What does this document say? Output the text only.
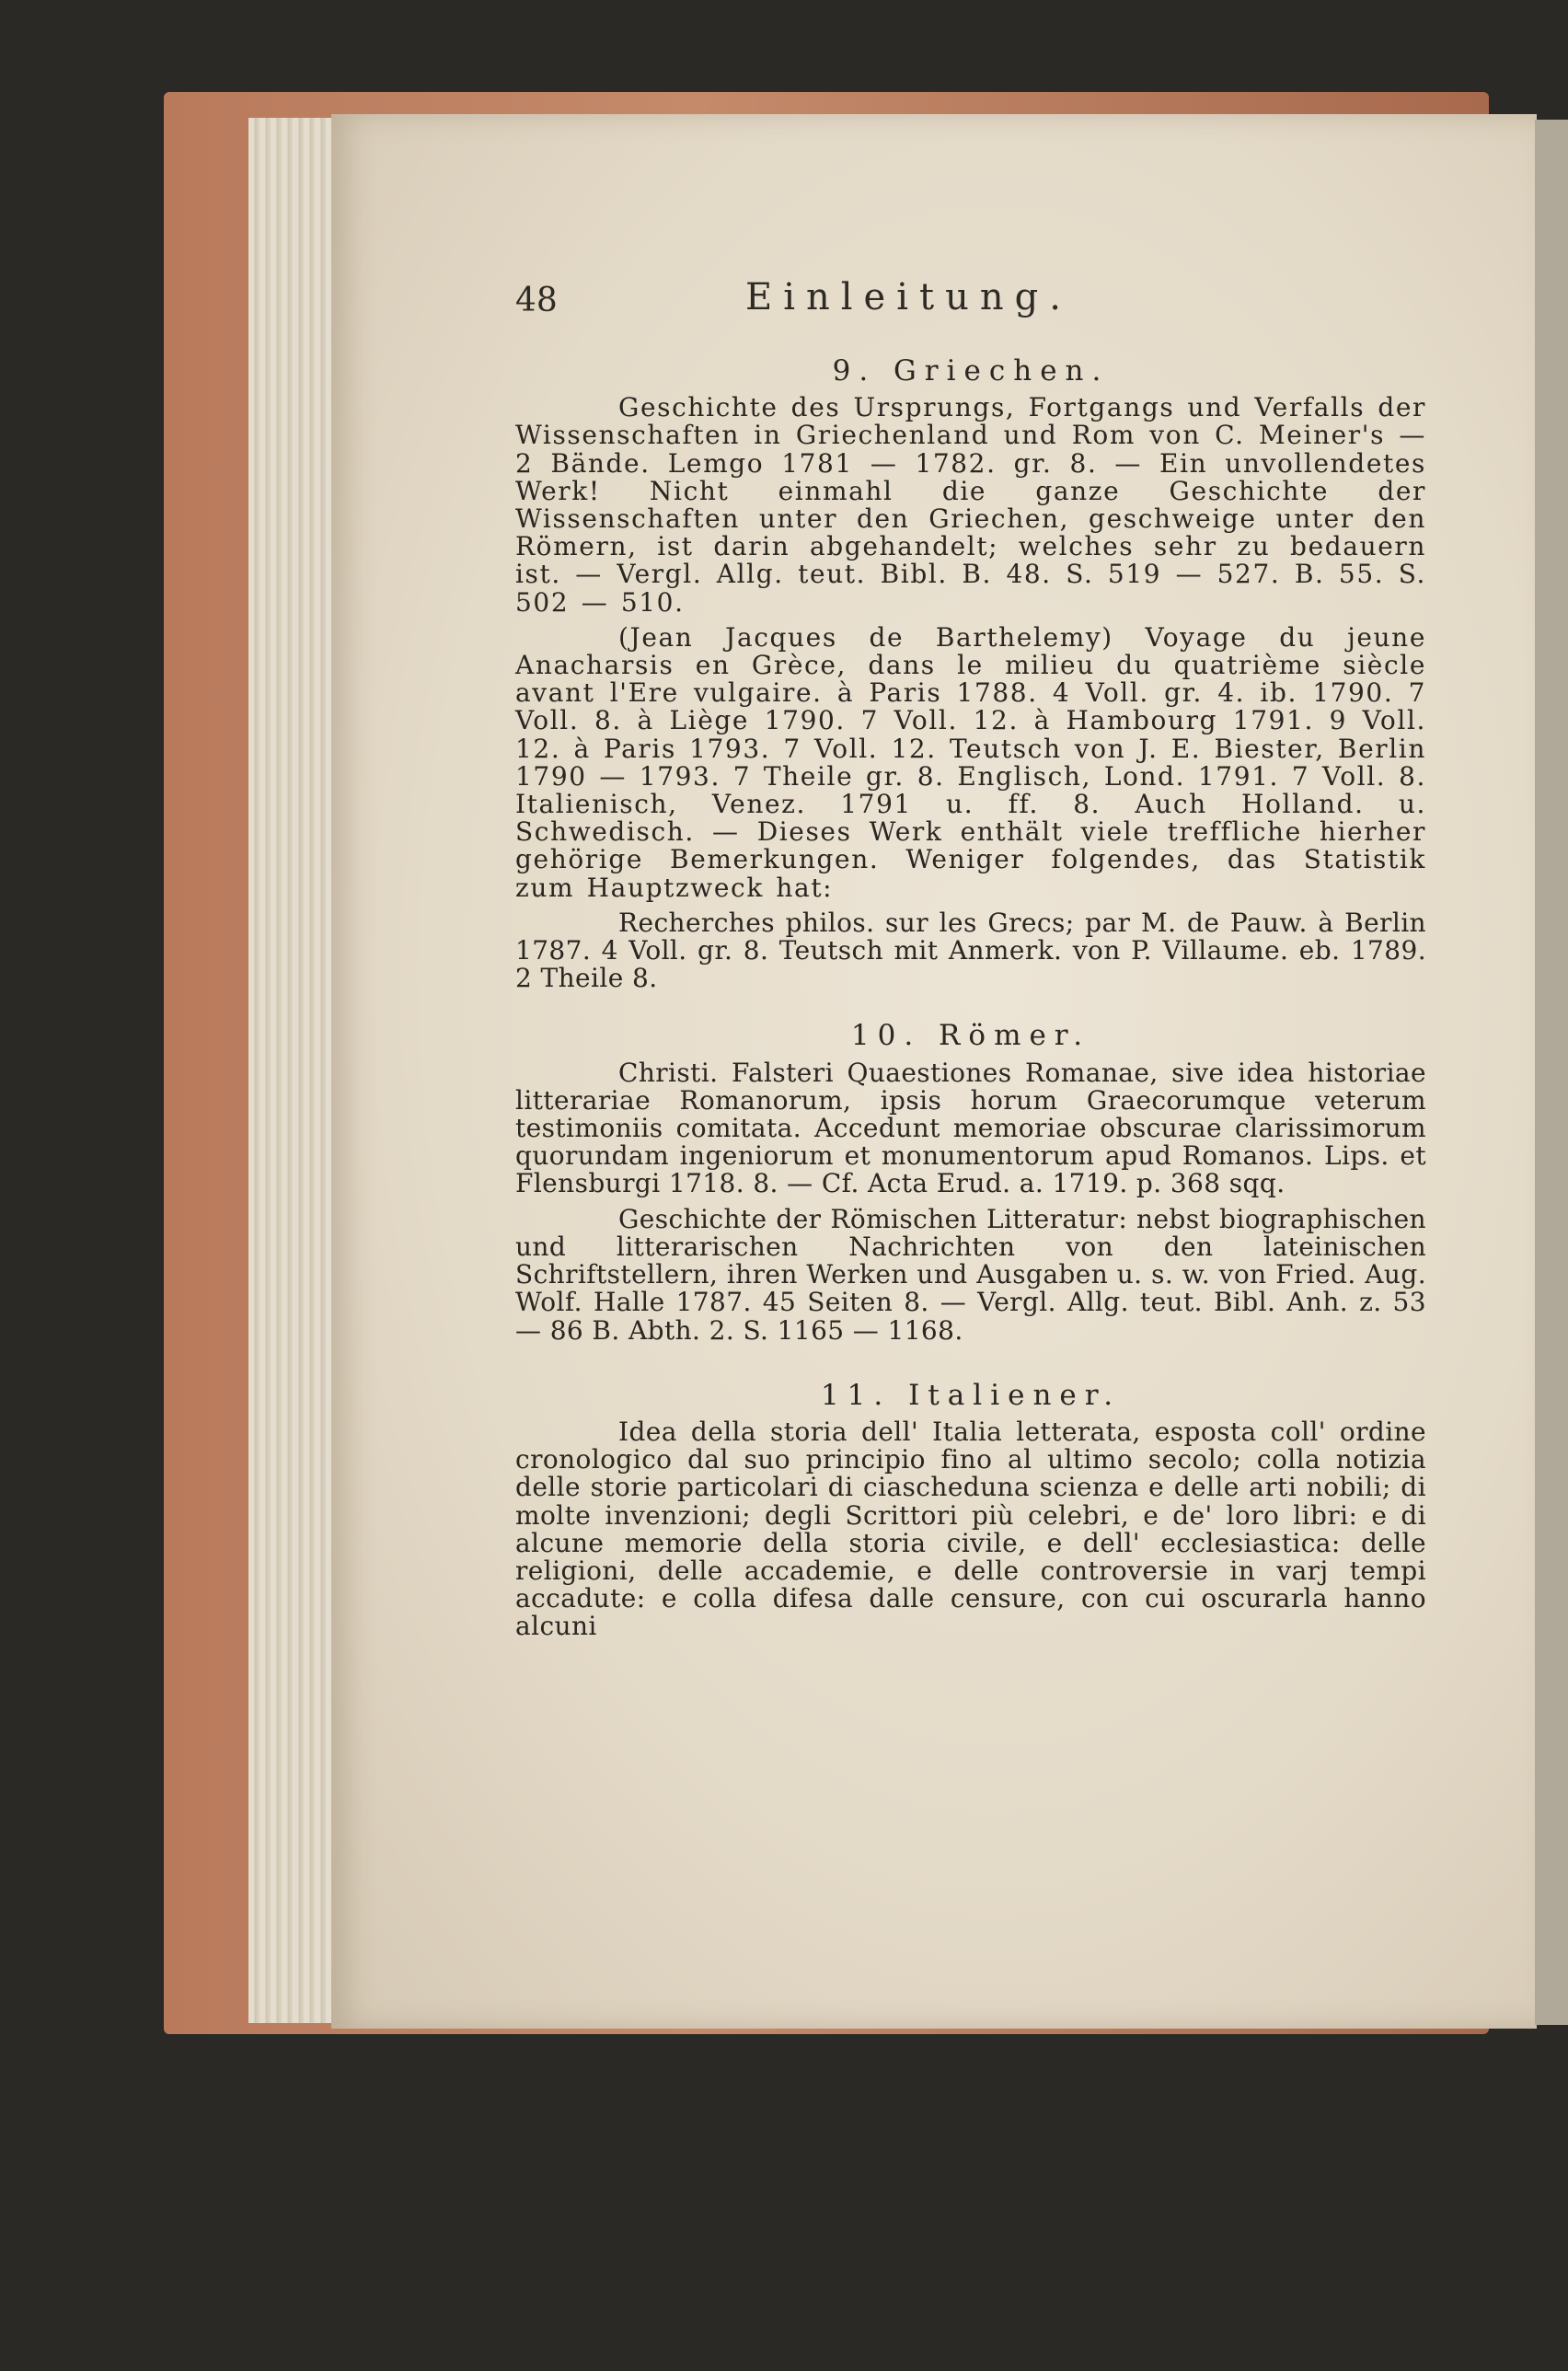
48	Einleitung.
9. Griechen.

Geschichte des Ursprungs, Fortgangs und Verfalls der Wissenschaften in Griechenland und Rom von C. Meiner's — 2 Bände. Lemgo 1781 — 1782. gr. 8. — Ein unvollendetes Werk! Nicht einmahl die ganze Geschichte der Wissenschaften unter den Griechen, geschweige unter den Römern, ist darin abgehandelt; welches sehr zu bedauern ist. — Vergl. Allg. teut. Bibl. B. 48. S. 519 — 527. B. 55. S. 502 — 510.

(Jean Jacques de Barthelemy) Voyage du jeune Anacharsis en Grèce, dans le milieu du quatrième siècle avant l'Ere vulgaire. à Paris 1788. 4 Voll. gr. 4. ib. 1790. 7 Voll. 8. à Liège 1790. 7 Voll. 12. à Hambourg 1791. 9 Voll. 12. à Paris 1793. 7 Voll. 12. Teutsch von J. E. Biester, Berlin 1790 — 1793. 7 Theile gr. 8. Englisch, Lond. 1791. 7 Voll. 8. Italienisch, Venez. 1791 u. ff. 8. Auch Holland. u. Schwedisch. — Dieses Werk enthält viele treffliche hierher gehörige Bemerkungen. Weniger folgendes, das Statistik zum Hauptzweck hat:

Recherches philos. sur les Grecs; par M. de Pauw. à Berlin 1787. 4 Voll. gr. 8. Teutsch mit Anmerk. von P. Villaume. eb. 1789. 2 Theile 8.

10. Römer.

Christi. Falsteri Quaestiones Romanae, sive idea historiae litterariae Romanorum, ipsis horum Graecorumque veterum testimoniis comitata. Accedunt memoriae obscurae clarissimorum quorundam ingeniorum et monumentorum apud Romanos. Lips. et Flensburgi 1718. 8. — Cf. Acta Erud. a. 1719. p. 368 sqq.

Geschichte der Römischen Litteratur: nebst biographischen und litterarischen Nachrichten von den lateinischen Schriftstellern, ihren Werken und Ausgaben u. s. w. von Fried. Aug. Wolf. Halle 1787. 45 Seiten 8. — Vergl. Allg. teut. Bibl. Anh. z. 53 — 86 B. Abth. 2. S. 1165 — 1168.

11. Italiener.

Idea della storia dell' Italia letterata, esposta coll' ordine cronologico dal suo principio fino al ultimo secolo; colla notizia delle storie particolari di ciascheduna scienza e delle arti nobili; di molte invenzioni; degli Scrittori più celebri, e de' loro libri: e di alcune memorie della storia civile, e dell' ecclesiastica: delle religioni, delle accademie, e delle controversie in varj tempi accadute: e colla difesa dalle censure, con cui oscurarla hanno alcuni
